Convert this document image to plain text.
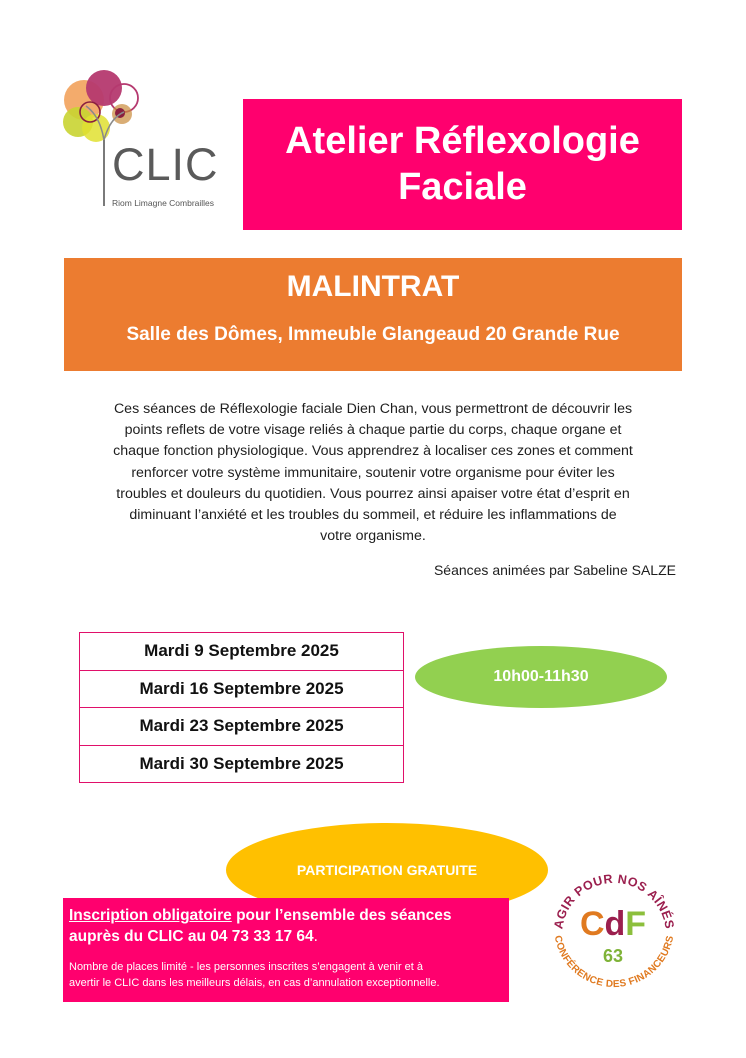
CLIC
Riom Limagne Combrailles
Atelier Réflexologie
Faciale
MALINTRAT
Salle des Dômes, Immeuble Glangeaud 20 Grande Rue
Ces séances de Réflexologie faciale Dien Chan, vous permettront de découvrir les
points reflets de votre visage reliés à chaque partie du corps, chaque organe et
chaque fonction physiologique. Vous apprendrez à localiser ces zones et comment
renforcer votre système immunitaire, soutenir votre organisme pour éviter les
troubles et douleurs du quotidien. Vous pourrez ainsi apaiser votre état d’esprit en
diminuant l’anxiété et les troubles du sommeil, et réduire les inflammations de
votre organisme.
Séances animées par Sabeline SALZE
Mardi 9 Septembre 2025
Mardi 16 Septembre 2025
Mardi 23 Septembre 2025
Mardi 30 Septembre 2025
10h00-11h30
PARTICIPATION GRATUITE
Inscription obligatoire pour l’ensemble des séances
auprès du CLIC au 04 73 33 17 64.
Nombre de places limité - les personnes inscrites s’engagent à venir et à
avertir le CLIC dans les meilleurs délais, en cas d’annulation exceptionnelle.
AGIR POUR NOS AÎNÉS
CONFÉRENCE DES FINANCEURS
CdF
63
